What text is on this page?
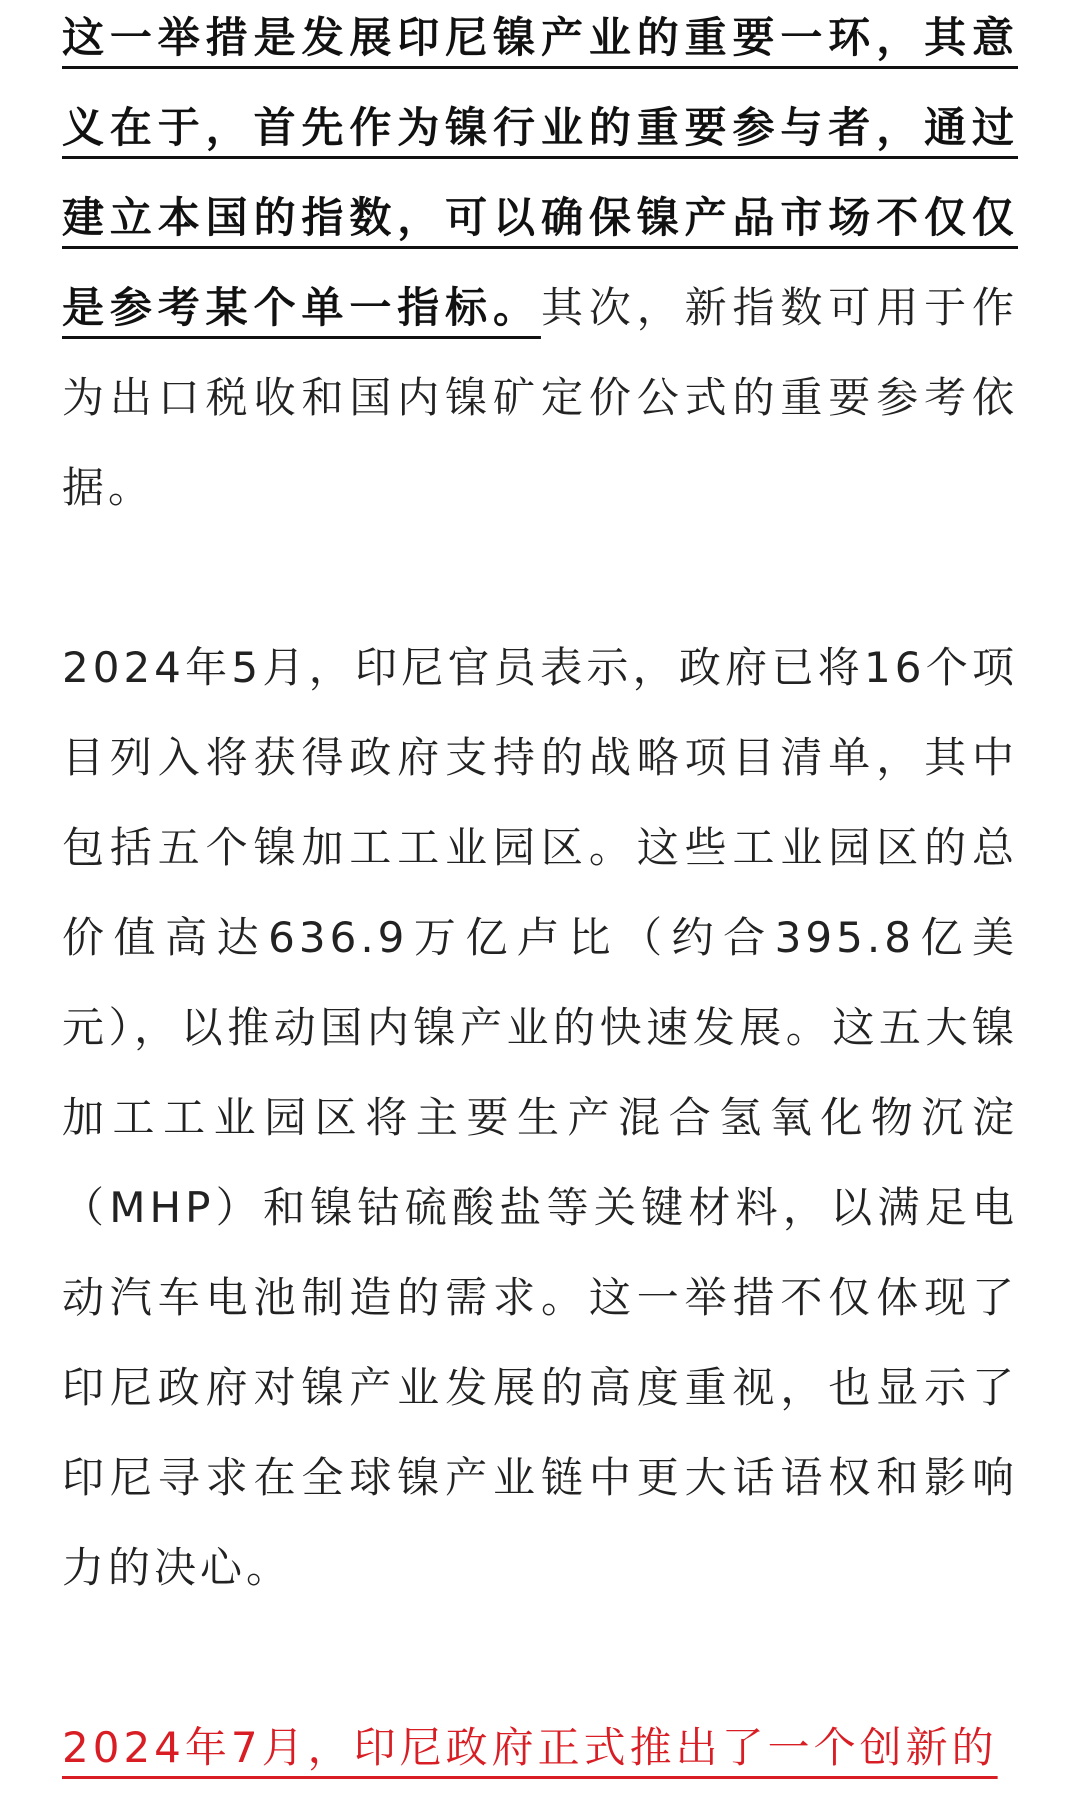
这一举措是发展印尼镍产业的重要一环，其意义在于，首先作为镍行业的重要参与者，通过建立本国的指数，可以确保镍产品市场不仅仅是参考某个单一指标。其次，新指数可用于作为出口税收和国内镍矿定价公式的重要参考依据。

2024年5月，印尼官员表示，政府已将16个项目列入将获得政府支持的战略项目清单，其中包括五个镍加工工业园区。这些工业园区的总价值高达636.9万亿卢比（约合395.8亿美元），以推动国内镍产业的快速发展。这五大镍加工工业园区将主要生产混合氢氧化物沉淀（MHP）和镍钴硫酸盐等关键材料，以满足电动汽车电池制造的需求。这一举措不仅体现了印尼政府对镍产业发展的高度重视，也显示了印尼寻求在全球镍产业链中更大话语权和影响力的决心。

2024年7月，印尼政府正式推出了一个创新的
